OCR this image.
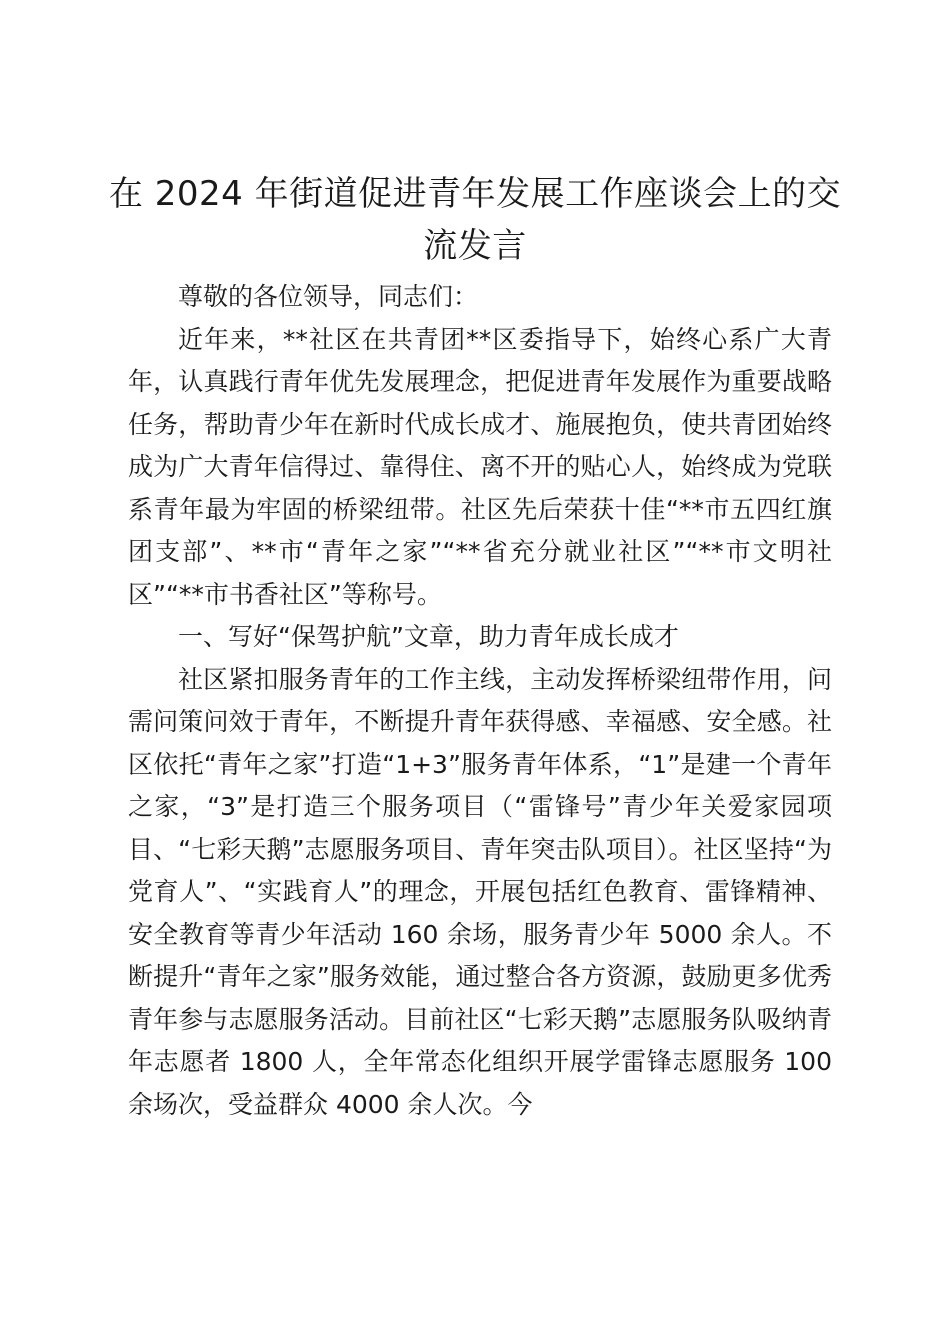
在 2024 年街道促进青年发展工作座谈会上的交流发言

尊敬的各位领导，同志们：

近年来，**社区在共青团**区委指导下，始终心系广大青年，认真践行青年优先发展理念，把促进青年发展作为重要战略任务，帮助青少年在新时代成长成才、施展抱负，使共青团始终成为广大青年信得过、靠得住、离不开的贴心人，始终成为党联系青年最为牢固的桥梁纽带。社区先后荣获十佳“**市五四红旗团支部”、**市“青年之家”“**省充分就业社区”“**市文明社区”“**市书香社区”等称号。

一、写好“保驾护航”文章，助力青年成长成才

社区紧扣服务青年的工作主线，主动发挥桥梁纽带作用，问需问策问效于青年，不断提升青年获得感、幸福感、安全感。社区依托“青年之家”打造“1+3”服务青年体系，“1”是建一个青年之家，“3”是打造三个服务项目（“雷锋号”青少年关爱家园项目、“七彩天鹅”志愿服务项目、青年突击队项目）。社区坚持“为党育人”、“实践育人”的理念，开展包括红色教育、雷锋精神、安全教育等青少年活动 160 余场，服务青少年 5000 余人。不断提升“青年之家”服务效能，通过整合各方资源，鼓励更多优秀青年参与志愿服务活动。目前社区“七彩天鹅”志愿服务队吸纳青年志愿者 1800 人，全年常态化组织开展学雷锋志愿服务 100 余场次，受益群众 4000 余人次。今
